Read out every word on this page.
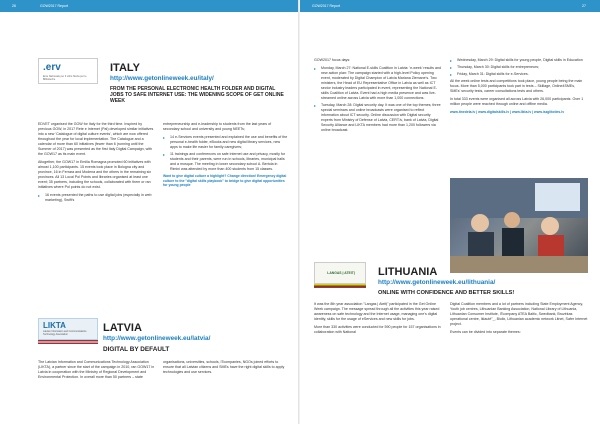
26	GOW2017 Report
.erv
Ente Nazionale per il Libro Storia per le Biblioteche
ITALY
http://www.getonlineweek.eu/italy/
FROM THE PERSONAL ELECTRONIC HEALTH FOLDER AND DIGITAL JOBS TO SAFE INTERNET USE: THE WIDENING SCOPE OF GET ONLINE WEEK

EDVET organised the GOW for Italy for the third time. Inspired by previous GOW, in 2017 Rete e Internet (Pal) developed similar initiatives into a new 'Catalogue of digital culture events', which are now offered throughout the year for local implementation. The Catalogue and a calendar of more than 60 initiatives (fewer than 6 (running until the Summer of 2017) was presented as the first Italy Digital Campaign, with the GOW17 as its main event.

Altogether, the GOW17 in Emilia Romagna promoted 60 initiatives with almost 1,100 participants. 15 events took place in Bologna city and province, 16 in Ferrara and Modena and the others in the remaining six provinces. All 13 Local Pol Points and libraries organised at least one event; 35 partners, including the schools, collaborated with them or ran initiatives where Pol points do not exist.

▸ 16 events presented the paths to use digital jobs (especially in web marketing), Swift's

entrepreneurship and e-leadership to students from the last years of secondary school and university and young NEETs;

▸ 14 e-Services events presented and explained the use and benefits of the personal e-health folder, eBooks and new digital library services, new apps to make life easier for family caregivers;
▸ 11 trainings and conferences on safe internet use and privacy, mostly for students and their parents, were run in schools, libraries, municipal halls and a mosque. The meeting in lower secondary school A. Bertola in Rimini was attended by more than 400 students from 15 classes.

Want to give digital culture a highlight? Change direction! Emergency digital culture to the "digital skills playbook" to bridge to give digital opportunities for young people

LIKTA
Latvian Information and Communications Technology Association
LATVIA
http://www.getonlineweek.eu/latvia/
DIGITAL BY DEFAULT

The Latvian Information and Communications Technology Association (LIKTA), a partner since the start of the campaign in 2010, ran GOW17 in Latvia in cooperation with the Ministry of Regional Development and Environmental Protection. In overall more than 50 partners – state

organisations, universities, schools, ITcompanies, NGOs joined efforts to ensure that all Latvian citizens and SMEs have the right digital skills to apply technologies and use services.

GOW2017 Report	27

GOW2017 focus days:

▸ Monday, March 27: National E-skills Coalition in Latvia: 'e-week' results and new action plan: The campaign started with a high-level Policy opening event, moderated by Digital Champion of Latvia Mariana Ziemane's. Two ministers, the Head of EU Representative Office in Latvia as well as ICT sector industry leaders participated in event, representing the National E-skills Coalition of Latvia. Event had a high media presence and was live-streamed online across Latvia with more than 1,000 connections.
▸ Tuesday, March 28: Digital security day. It was one of the top themes; three special seminars and online broadcasts were organised to reflect information about ICT security. Online discussion with Digital security experts from Ministry of Defense of Latvia, CERT.lv, bank of Latvia, Digital Security Alliance and LIKTA members had more than 1,200 followers via online broadcast.
▸ Wednesday, March 29: Digital skills for young people, Digital skills in Education
▸ Thursday, March 30: Digital skills for entrepreneurs;
▸ Friday, March 31: Digital skills for e-Services.

All the week online tests and competitions took place, young people being the main focus. More than 5,000 participants took part in tests – Skillage, Online4SMEs, SMEs' security tests, career consultations tests and others.

In total 333 events were organised all across Latvia with 26,000 participants. Over 1 million people were reached through online and offline media.

www.itnedela.lv | www.digitalskills.lv | www.likta.lv | www.iszglitoties.lv

LANGAS Į ATEITĮ	LITHUANIA
http://www.getonlineweek.eu/lithuania/
ONLINE WITH CONFIDENCE AND BETTER SKILLS!

It was the 8th year association "Langas | Ateitį" participated in the Get Online Week campaign. The message spread through all the activities this year raised awareness on safe technology and the Internet usage, managing one's digital identity, skills for the usage of eServices and new skills for jobs.

More than 330 activities were conducted for 590 people for 157 organisations in collaboration with National

Digital Coalition members and a lot of partners including State Employment Agency, Youth job centres, Lithuanian Banking Association, National Library of Lithuania, Lithuanian Consumer Institute, ITcompany ATEA Baltic, Swedbank, Bruzėkas operational centre, Iklautė"_, Biolix, Lithuanian academic network Litnet, Safer Internet project.

Events can be divided into separate themes:
